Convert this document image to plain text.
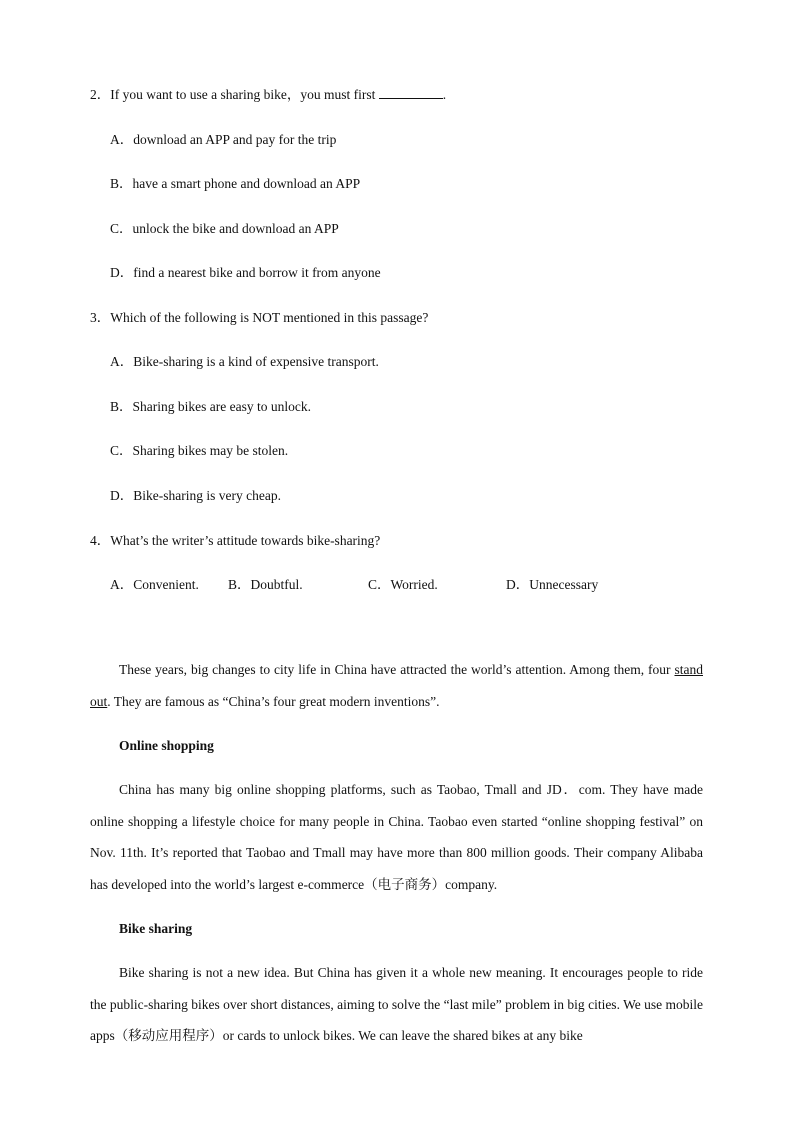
2．If you want to use a sharing bike，you must first	.
A．download an APP and pay for the trip
B．have a smart phone and download an APP
C．unlock the bike and download an APP
D．find a nearest bike and borrow it from anyone
3．Which of the following is NOT mentioned in this passage?
A．Bike-sharing is a kind of expensive transport.
B．Sharing bikes are easy to unlock.
C．Sharing bikes may be stolen.
D．Bike-sharing is very cheap.
4．What’s the writer’s attitude towards bike-sharing?
A．Convenient. B．Doubtful.	C．Worried.	D．Unnecessary
These years, big changes to city life in China have attracted the world’s attention. Among them, four stand out. They are famous as “China’s four great modern inventions”.
Online shopping
China has many big online shopping platforms, such as Taobao, Tmall and JD．com. They have made online shopping a lifestyle choice for many people in China. Taobao even started “online shopping festival” on Nov. 11th. It’s reported that Taobao and Tmall may have more than 800 million goods. Their company Alibaba has developed into the world’s largest e-commerce（电子商务）company.
Bike sharing
Bike sharing is not a new idea. But China has given it a whole new meaning. It encourages people to ride the public-sharing bikes over short distances, aiming to solve the “last mile” problem in big cities. We use mobile apps（移动应用程序）or cards to unlock bikes. We can leave the shared bikes at any bike
